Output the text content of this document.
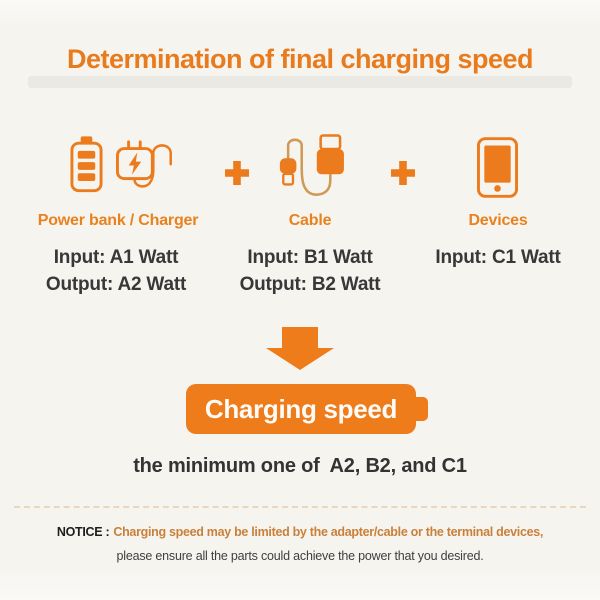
Determination of final charging speed
Power bank / Charger	Cable	Devices
Input: A1 Watt
Output: A2 Watt
Input: B1 Watt
Output: B2 Watt
Input: C1 Watt
Charging speed
the minimum one of  A2, B2, and C1
NOTICE : Charging speed may be limited by the adapter/cable or the terminal devices,
please ensure all the parts could achieve the power that you desired.
